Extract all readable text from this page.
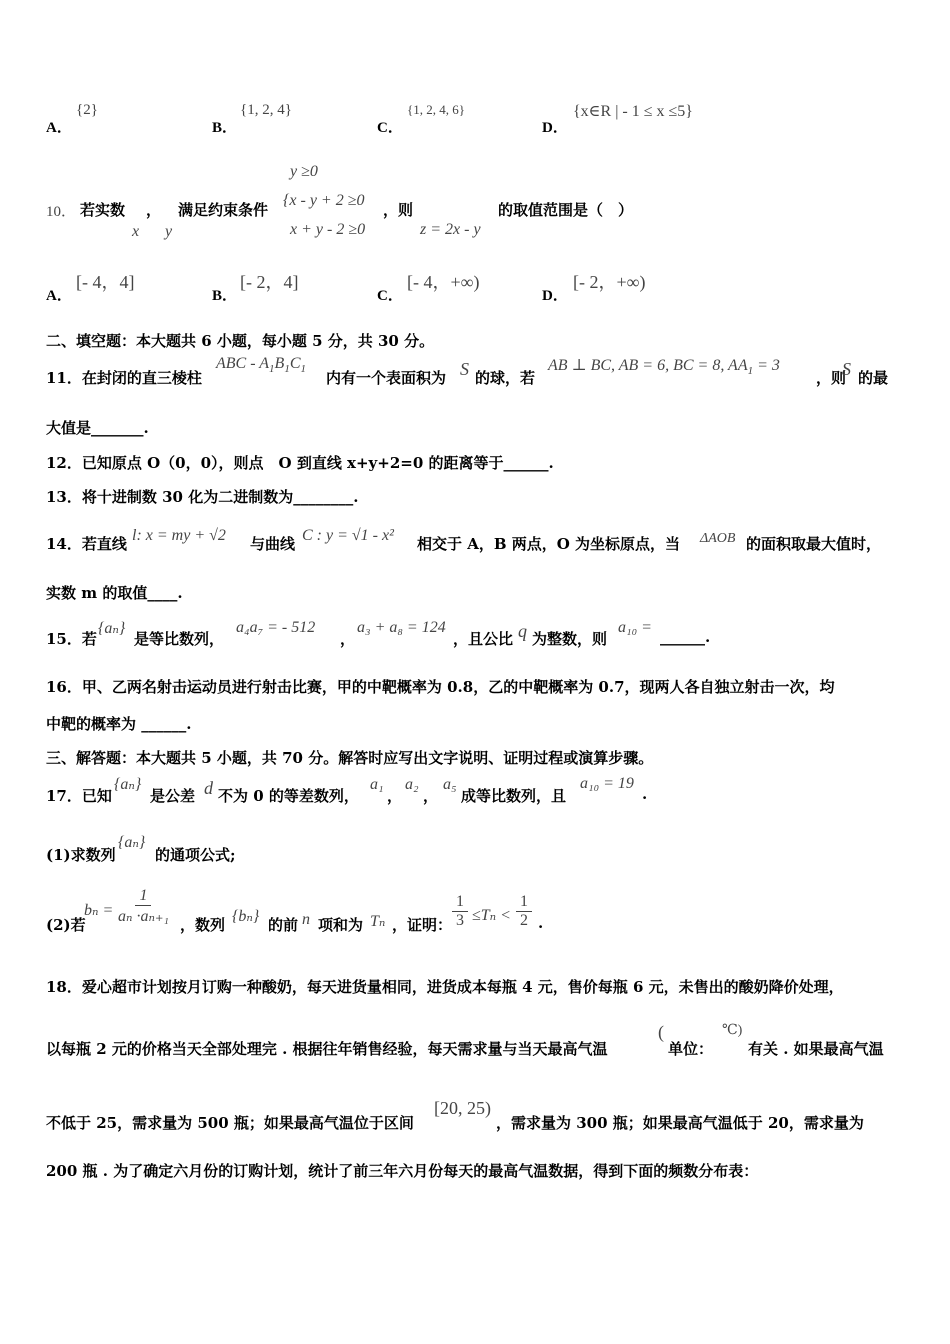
A．
{2}
B．
{1, 2, 4}
C．
{1, 2, 4, 6}
D．
{x∈R | - 1 ≤ x ≤5}
10． 若实数
x
，
y
满足约束条件
y ≥0
{x - y + 2 ≥0
x + y - 2 ≥0
，则
z = 2x - y
的取值范围是（　）
A．
[- 4，4]
B．
[- 2，4]
C．
[- 4，+∞)
D．
[- 2，+∞)
二、填空题：本大题共 6 小题，每小题 5 分，共 30 分。
11．在封闭的直三棱柱
ABC - $A_1B_1C_1$ 内有一个表面积为 S 的球，若
AB ⊥ BC, AB = 6, BC = 8, $AA_1 = 3$
，则
S 的最
大值是_______.
12．已知原点 O（0，0），则点　O 到直线 x+y+2=0 的距离等于______.
13．将十进制数 30 化为二进制数为________.
14．若直线 l: x = my + √2 与曲线 C : y = √1 - x² 相交于 A，B 两点，O 为坐标原点，当 ΔAOB 的面积取最大值时，
实数 m 的取值____.
15．若
{aₙ}
是等比数列，
a₄a₇ = - 512
，
a₃ + a₈ = 124
，且公比 q 为整数，则
a₁₀ =
______.
16．甲、乙两名射击运动员进行射击比赛，甲的中靶概率为 0.8，乙的中靶概率为 0.7，现两人各自独立射击一次，均
中靶的概率为 ______.
三、解答题：本大题共 5 小题，共 70 分。解答时应写出文字说明、证明过程或演算步骤。
17．已知
{aₙ}
是公差 d 不为 0 的等差数列，
a₁
，
a₂
，
a₅
成等比数列，且
a₁₀ = 19
.
(1)求数列
{aₙ}
的通项公式;
(2)若
$b_n = \frac{1}{\text{aₙ ·aₙ₊₁}}$ ，数列 {bₙ} 的前 n 项和为 Tₙ ，证明： $\frac{1}{3} \le T_n < \frac{1}{2}$ .
18．爱心超市计划按月订购一种酸奶，每天进货量相同，进货成本每瓶 4 元，售价每瓶 6 元，未售出的酸奶降价处理，
以每瓶 2 元的价格当天全部处理完 . 根据往年销售经验，每天需求量与当天最高气温
(
单位：
℃)
有关 . 如果最高气温
不低于 25，需求量为 500 瓶；如果最高气温位于区间
[20, 25)
，需求量为 300 瓶；如果最高气温低于 20，需求量为
200 瓶 . 为了确定六月份的订购计划，统计了前三年六月份每天的最高气温数据，得到下面的频数分布表：
